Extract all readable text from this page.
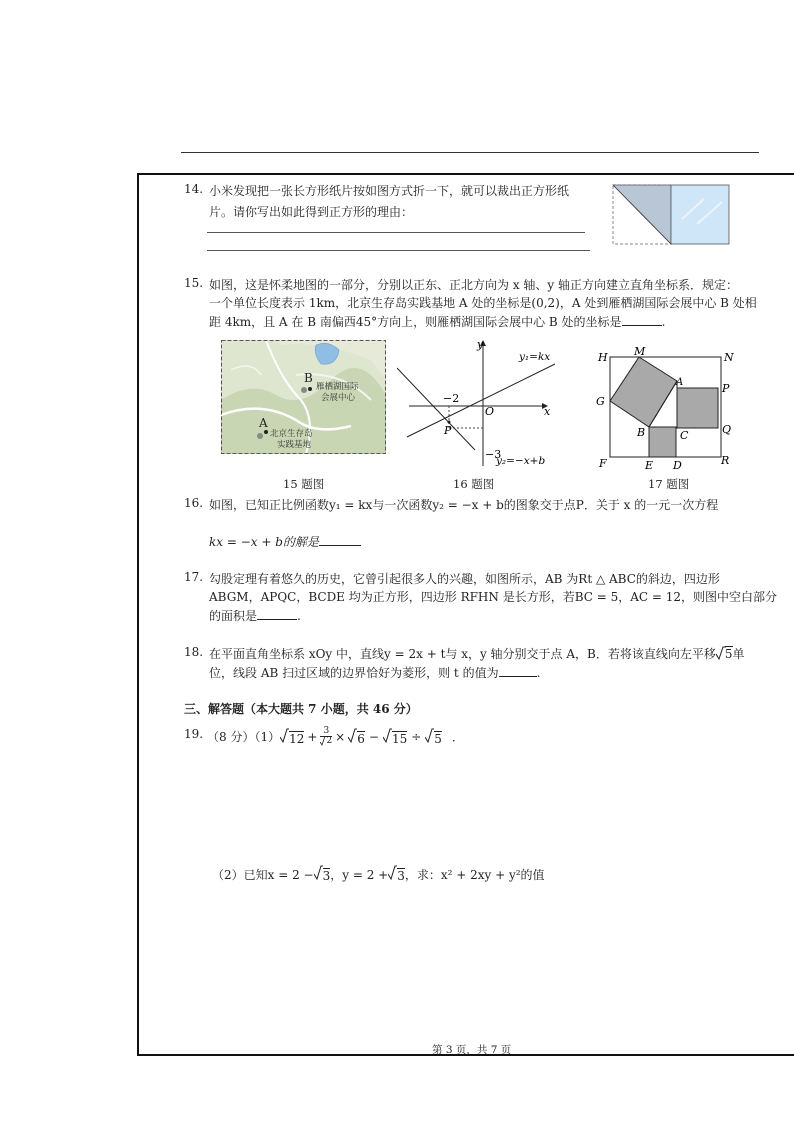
14. 小米发现把一张长方形纸片按如图方式折一下，就可以裁出正方形纸
片。请你写出如此得到正方形的理由：
15. 如图，这是怀柔地图的一部分，分别以正东、正北方向为 x 轴、y 轴正方向建立直角坐标系．规定：
一个单位长度表示 1km，北京生存岛实践基地 A 处的坐标是(0,2)，A 处到雁栖湖国际会展中心 B 处相
距 4km，且 A 在 B 南偏西45°方向上，则雁栖湖国际会展中心 B 处的坐标是	.
B
雁栖湖国际
会展中心
A
北京生存岛
实践基地
y
x
O
−2
−3
P
y₁=kx
y₂=−x+b
H M	N
G
A	P
B	C	Q
F	E D	R
15 题图	16 题图	17 题图
16. 如图，已知正比例函数y₁ = kx与一次函数y₂ = −x + b的图象交于点P．关于 x 的一元一次方程
kx = −x + b的解是
17. 勾股定理有着悠久的历史，它曾引起很多人的兴趣，如图所示，AB 为Rt △ ABC的斜边，四边形
ABGM，APQC，BCDE 均为正方形，四边形 RFHN 是长方形，若BC = 5，AC = 12，则图中空白部分
的面积是	.
18. 在平面直角坐标系 xOy 中，直线y = 2x + t与 x，y 轴分别交于点 A，B．若将该直线向左平移 5单
位，线段 AB 扫过区域的边界恰好为菱形，则 t 的值为	.
三、解答题（本大题共 7 小题，共 46 分）
19. （8 分）（1） $12 + \frac{3}{2}$ ×	6 −	15 ÷	5 ．
（2）已知x = 2 − 3 ，y = 2 + 3 ，求：x² + 2xy + y²的值
第 3 页，共 7 页
